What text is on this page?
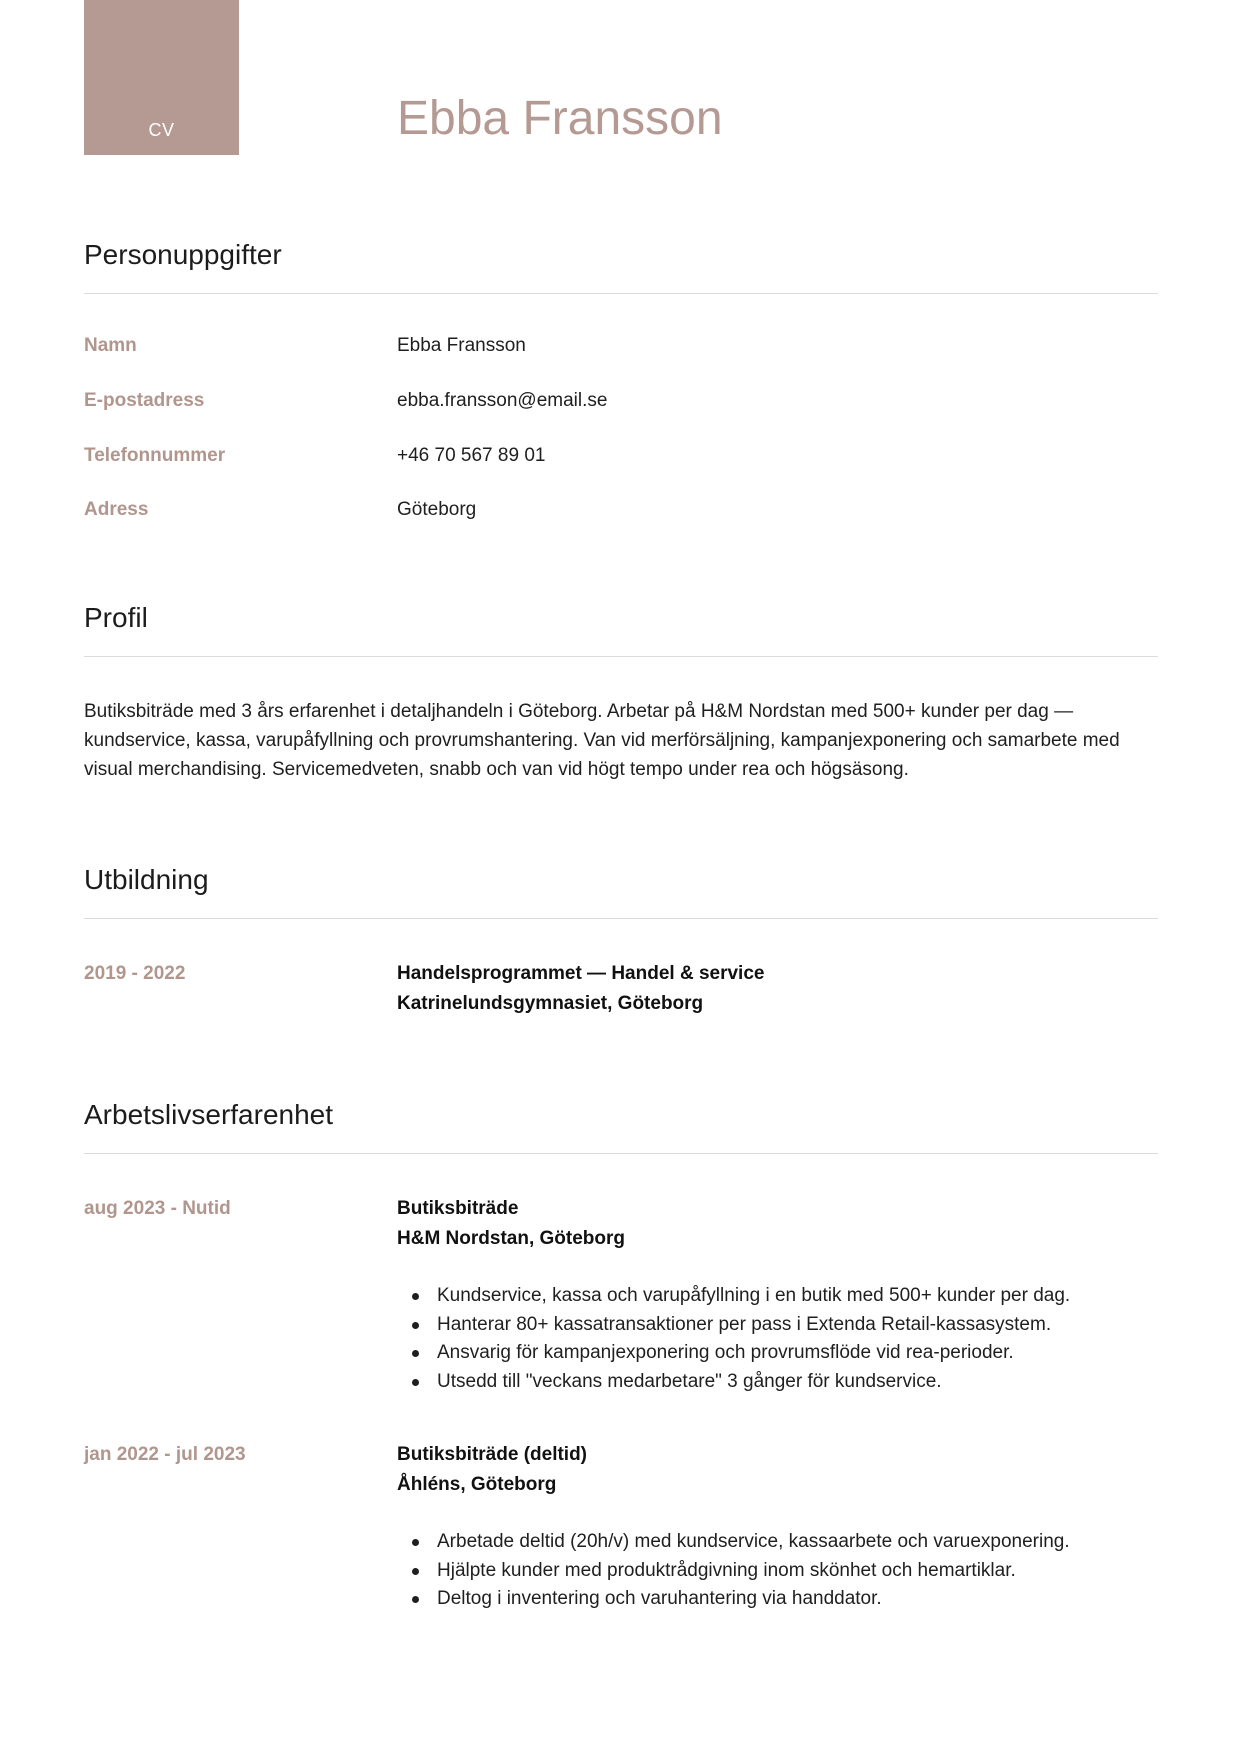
CV	Ebba Fransson
Personuppgifter
Namn	Ebba Fransson
E-postadress	ebba.fransson@email.se
Telefonnummer	+46 70 567 89 01
Adress	Göteborg
Profil

Butiksbiträde med 3 års erfarenhet i detaljhandeln i Göteborg. Arbetar på H&M Nordstan med 500+ kunder per dag — kundservice, kassa, varupåfyllning och provrumshantering. Van vid merförsäljning, kampanjexponering och samarbete med visual merchandising. Servicemedveten, snabb och van vid högt tempo under rea och högsäsong.

Utbildning
2019 - 2022	Handelsprogrammet — Handel & service
Katrinelundsgymnasiet, Göteborg
Arbetslivserfarenhet
aug 2023 - Nutid	Butiksbiträde
H&M Nordstan, Göteborg
Kundservice, kassa och varupåfyllning i en butik med 500+ kunder per dag.
Hanterar 80+ kassatransaktioner per pass i Extenda Retail-kassasystem.
Ansvarig för kampanjexponering och provrumsflöde vid rea-perioder.
Utsedd till "veckans medarbetare" 3 gånger för kundservice.
jan 2022 - jul 2023	Butiksbiträde (deltid)
Åhléns, Göteborg
Arbetade deltid (20h/v) med kundservice, kassaarbete och varuexponering.
Hjälpte kunder med produktrådgivning inom skönhet och hemartiklar.
Deltog i inventering och varuhantering via handdator.
